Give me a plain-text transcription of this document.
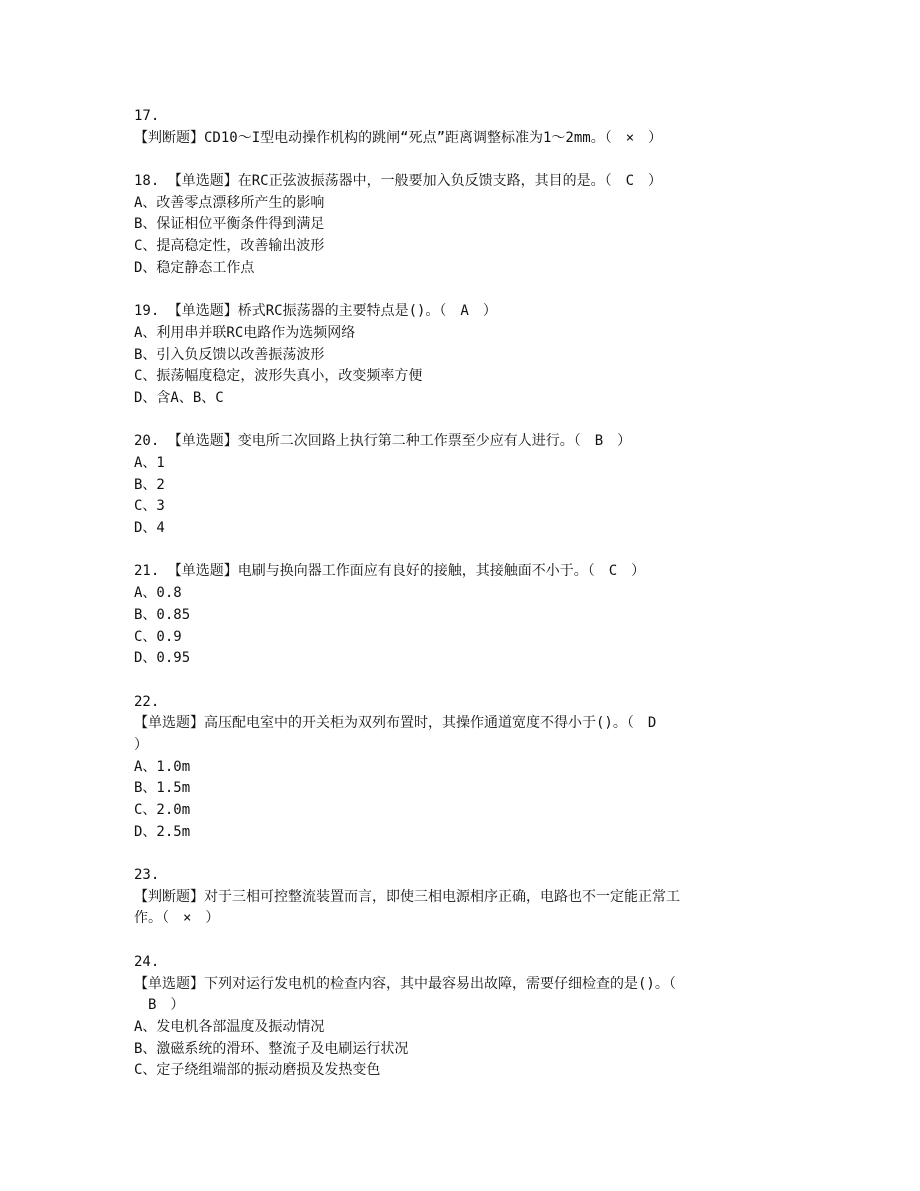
17.
【判断题】CD10～I型电动操作机构的跳闸“死点”距离调整标准为1～2mm。（　×　）
18. 【单选题】在RC正弦波振荡器中，一般要加入负反馈支路，其目的是。（　C　）
A、改善零点漂移所产生的影响
B、保证相位平衡条件得到满足
C、提高稳定性，改善输出波形
D、稳定静态工作点
19. 【单选题】桥式RC振荡器的主要特点是()。（　A　）
A、利用串并联RC电路作为选频网络
B、引入负反馈以改善振荡波形
C、振荡幅度稳定，波形失真小，改变频率方便
D、含A、B、C
20. 【单选题】变电所二次回路上执行第二种工作票至少应有人进行。（　B　）
A、1
B、2
C、3
D、4
21. 【单选题】电刷与换向器工作面应有良好的接触，其接触面不小于。（　C　）
A、0.8
B、0.85
C、0.9
D、0.95
22.
【单选题】高压配电室中的开关柜为双列布置时，其操作通道宽度不得小于()。（　D
）
A、1.0m
B、1.5m
C、2.0m
D、2.5m
23.
【判断题】对于三相可控整流装置而言，即使三相电源相序正确，电路也不一定能正常工
作。（　×　）
24.
【单选题】下列对运行发电机的检查内容，其中最容易出故障，需要仔细检查的是()。（
　B　）
A、发电机各部温度及振动情况
B、激磁系统的滑环、整流子及电刷运行状况
C、定子绕组端部的振动磨损及发热变色
